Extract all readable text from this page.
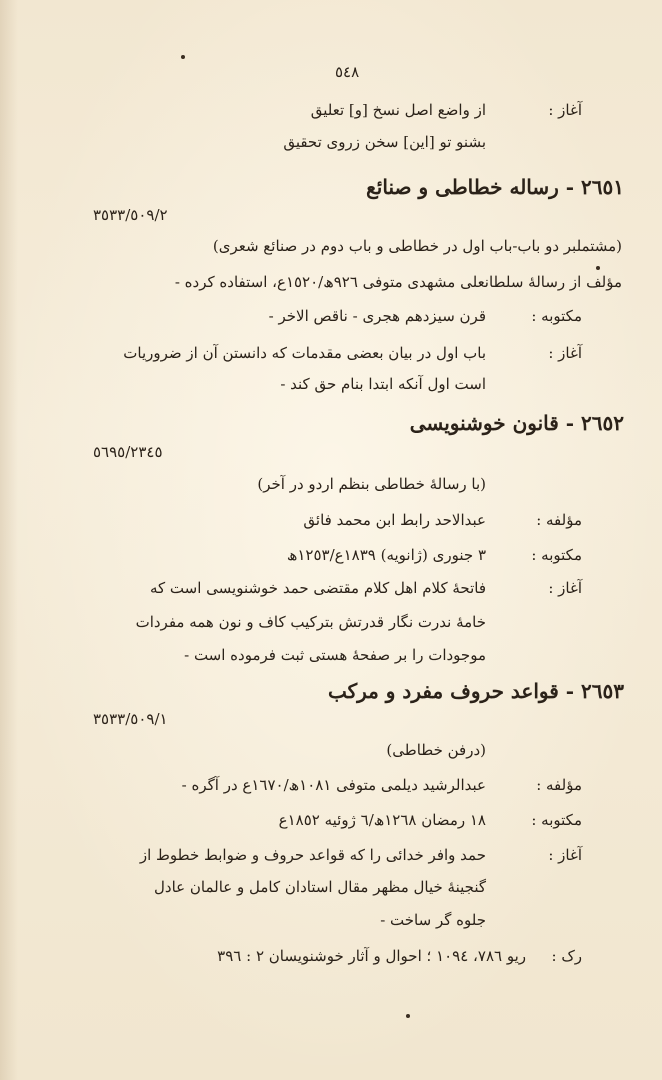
٥٤٨
آغاز :
از واضع اصل نسخ [و] تعلیق
بشنو تو [این] سخن زروی تحقیق
٢٦٥١ - رساله خطاطی و صنائع
٣٥٣٣/٥٠٩/٢
(مشتملبر دو باب-باب اول در خطاطی و باب دوم در صنائع شعری)
مؤلف از رسالهٔ سلطانعلی مشهدی متوفی ٩٢٦ھ/١٥٢٠ع، استفاده کرده -
مکتوبه :
قرن سیزدهم هجری - ناقص الاخر -
آغاز :
باب اول در بیان بعضی مقدمات که دانستن آن از ضروریات
است اول آنکه ابتدا بنام حق کند -
٢٦٥٢ - قانون خوشنویسی
٥٦٩٥/٢٣٤٥
(با رسالهٔ خطاطی بنظم اردو در آخر)
مؤلفه :
عبدالاحد رابط ابن محمد فائق
مکتوبه :
٣ جنوری (ژانویه) ١٨٣٩ع/١٢٥٣ھ
آغاز :
فاتحهٔ کلام اهل کلام مقتضی حمد خوشنویسی است که
خامهٔ ندرت نگار قدرتش بترکیب کاف و نون همه مفردات
موجودات را بر صفحهٔ هستی ثبت فرموده است -
٢٦٥٣ - قواعد حروف مفرد و مرکب
٣٥٣٣/٥٠٩/١
(درفن خطاطی)
مؤلفه :
عبدالرشید دیلمی متوفی ١٠٨١ھ/١٦٧٠ع در آگره -
مکتوبه :
١٨ رمضان ١٢٦٨ھ/٦ ژوئیه ١٨٥٢ع
آغاز :
حمد وافر خدائی را که قواعد حروف و ضوابط خطوط از
گنجینهٔ خیال مظهر مقال استادان کامل و عالمان عادل
جلوه گر ساخت -
رک :
ریو ٧٨٦، ١٠٩٤ ؛ احوال و آثار خوشنویسان ٢ : ٣٩٦
